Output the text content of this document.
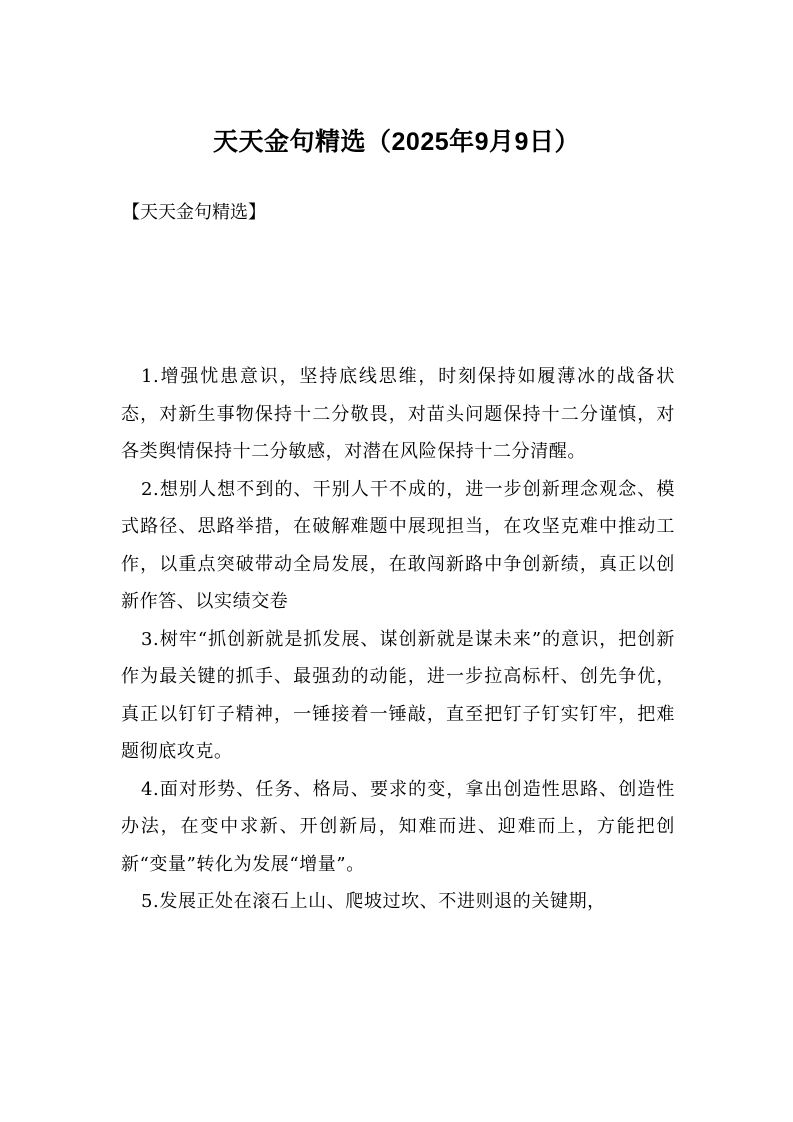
天天金句精选（2025年9月9日）
【天天金句精选】

1.增强忧患意识，坚持底线思维，时刻保持如履薄冰的战备状态，对新生事物保持十二分敬畏，对苗头问题保持十二分谨慎，对各类舆情保持十二分敏感，对潜在风险保持十二分清醒。

2.想别人想不到的、干别人干不成的，进一步创新理念观念、模式路径、思路举措，在破解难题中展现担当，在攻坚克难中推动工作，以重点突破带动全局发展，在敢闯新路中争创新绩，真正以创新作答、以实绩交卷

3.树牢“抓创新就是抓发展、谋创新就是谋未来”的意识，把创新作为最关键的抓手、最强劲的动能，进一步拉高标杆、创先争优，真正以钉钉子精神，一锤接着一锤敲，直至把钉子钉实钉牢，把难题彻底攻克。

4.面对形势、任务、格局、要求的变，拿出创造性思路、创造性办法，在变中求新、开创新局，知难而进、迎难而上，方能把创新“变量”转化为发展“增量”。

5.发展正处在滚石上山、爬坡过坎、不进则退的关键期，
